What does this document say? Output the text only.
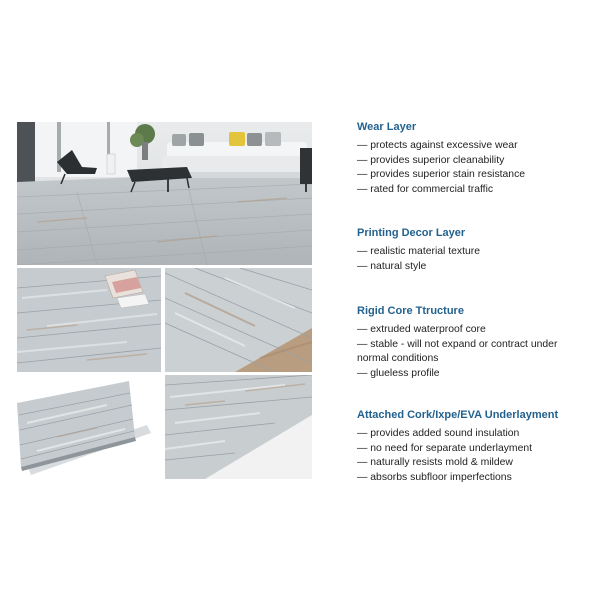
Wear Layer
— protects against excessive wear
— provides superior cleanability
— provides superior stain resistance
— rated for commercial traffic
Printing Decor Layer
— realistic material texture
— natural style
Rigid Core Ttructure
— extruded waterproof core
— stable - will not expand or contract under normal conditions
— glueless profile
Attached Cork/Ixpe/EVA Underlayment
— provides added sound insulation
— no need for separate underlayment
— naturally resists mold & mildew
— absorbs subfloor imperfections
